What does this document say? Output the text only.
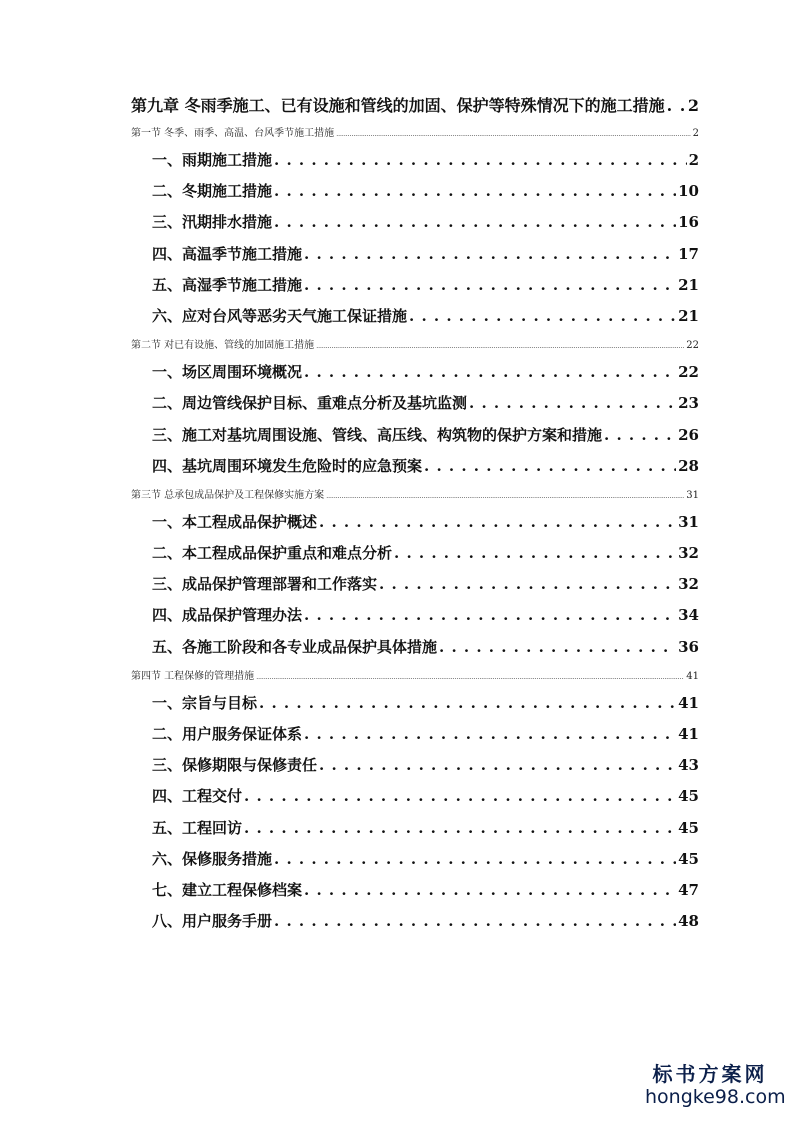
第九章 冬雨季施工、已有设施和管线的加固、保护等特殊情况下的施工措施 . . . 2
第一节 冬季、雨季、高温、台风季节施工措施 .....	2
一、雨期施工措施 . . .	2
二、冬期施工措施 . . .	10
三、汛期排水措施 . . .	16
四、高温季节施工措施 . . .	17
五、高湿季节施工措施 . . .	21
六、应对台风等恶劣天气施工保证措施 . . .	21
第二节 对已有设施、管线的加固施工措施 .....	22
一、场区周围环境概况 . . .	22
二、周边管线保护目标、重难点分析及基坑监测 . . .	23
三、施工对基坑周围设施、管线、高压线、构筑物的保护方案和措施 . . .	26
四、基坑周围环境发生危险时的应急预案 . . .	28
第三节 总承包成品保护及工程保修实施方案 .....	31
一、本工程成品保护概述 . . .	31
二、本工程成品保护重点和难点分析 . . .	32
三、成品保护管理部署和工作落实 . . .	32
四、成品保护管理办法 . . .	34
五、各施工阶段和各专业成品保护具体措施 . . .	36
第四节 工程保修的管理措施 .....	41
一、宗旨与目标 . . .	41
二、用户服务保证体系 . . .	41
三、保修期限与保修责任 . . .	43
四、工程交付 . . .	45
五、工程回访 . . .	45
六、保修服务措施 . . .	45
七、建立工程保修档案 . . .	47
八、用户服务手册 . . .	48
标书方案网
hongke98.com
